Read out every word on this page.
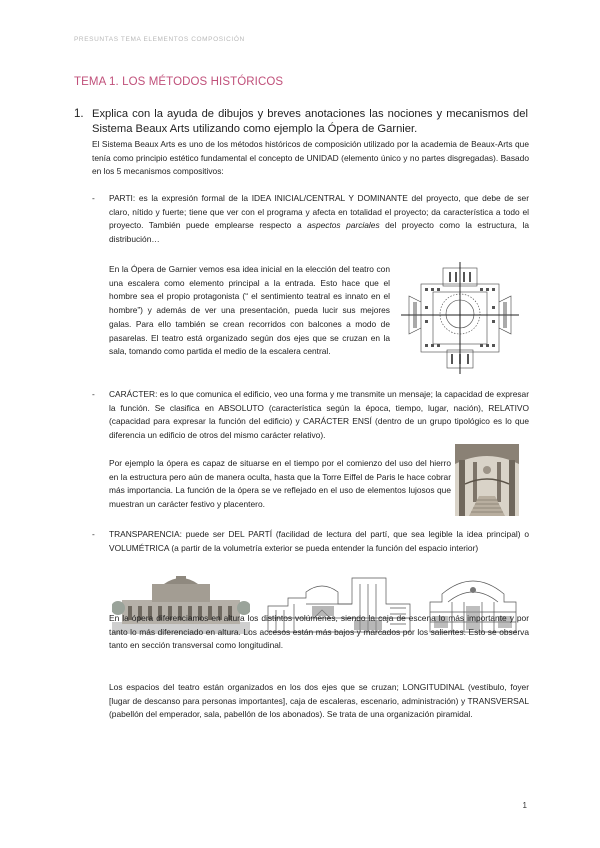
PRESUNTAS TEMA ELEMENTOS COMPOSICIÓN
TEMA 1. LOS MÉTODOS HISTÓRICOS
1. Explica con la ayuda de dibujos y breves anotaciones las nociones y mecanismos del Sistema Beaux Arts utilizando como ejemplo la Ópera de Garnier.
El Sistema Beaux Arts es uno de los métodos históricos de composición utilizado por la academia de Beaux-Arts que tenía como principio estético fundamental el concepto de UNIDAD (elemento único y no partes disgregadas). Basado en los 5 mecanismos compositivos:
- PARTI: es la expresión formal de la IDEA INICIAL/CENTRAL Y DOMINANTE del proyecto, que debe de ser claro, nítido y fuerte; tiene que ver con el programa y afecta en totalidad el proyecto; da característica a todo el proyecto. También puede emplearse respecto a aspectos parciales del proyecto como la estructura, la distribución…
En la Ópera de Garnier vemos esa idea inicial en la elección del teatro con una escalera como elemento principal a la entrada. Esto hace que el hombre sea el propio protagonista (“ el sentimiento teatral es innato en el hombre”) y además de ver una presentación, pueda lucir sus mejores galas. Para ello también se crean recorridos con balcones a modo de pasarelas. El teatro está organizado según dos ejes que se cruzan en la sala, tomando como partida el medio de la escalera central.
- CARÁCTER: es lo que comunica el edificio, veo una forma y me transmite un mensaje; la capacidad de expresar la función. Se clasifica en ABSOLUTO (característica según la época, tiempo, lugar, nación), RELATIVO (capacidad para expresar la función del edificio) y CARÁCTER ENSÍ (dentro de un grupo tipológico es lo que diferencia un edificio de otros del mismo carácter relativo).
Por ejemplo la ópera es capaz de situarse en el tiempo por el comienzo del uso del hierro en la estructura pero aún de manera oculta, hasta que la Torre Eiffel de Paris le hace cobrar más importancia. La función de la ópera se ve reflejado en el uso de elementos lujosos que muestran un carácter festivo y placentero.
- TRANSPARENCIA: puede ser DEL PARTÍ (facilidad de lectura del partí, que sea legible la idea principal) o VOLUMÉTRICA (a partir de la volumetría exterior se pueda entender la función del espacio interior)
En la ópera diferenciamos en altura los distintos volúmenes, siendo la caja de escena lo más importante y por tanto lo más diferenciado en altura. Los accesos están más bajos y marcados por los salientes. Esto se observa tanto en sección transversal como longitudinal.
Los espacios del teatro están organizados en los dos ejes que se cruzan; LONGITUDINAL (vestíbulo, foyer [lugar de descanso para personas importantes], caja de escaleras, escenario, administración) y TRANSVERSAL (pabellón del emperador, sala, pabellón de los abonados). Se trata de una organización piramidal.
1
